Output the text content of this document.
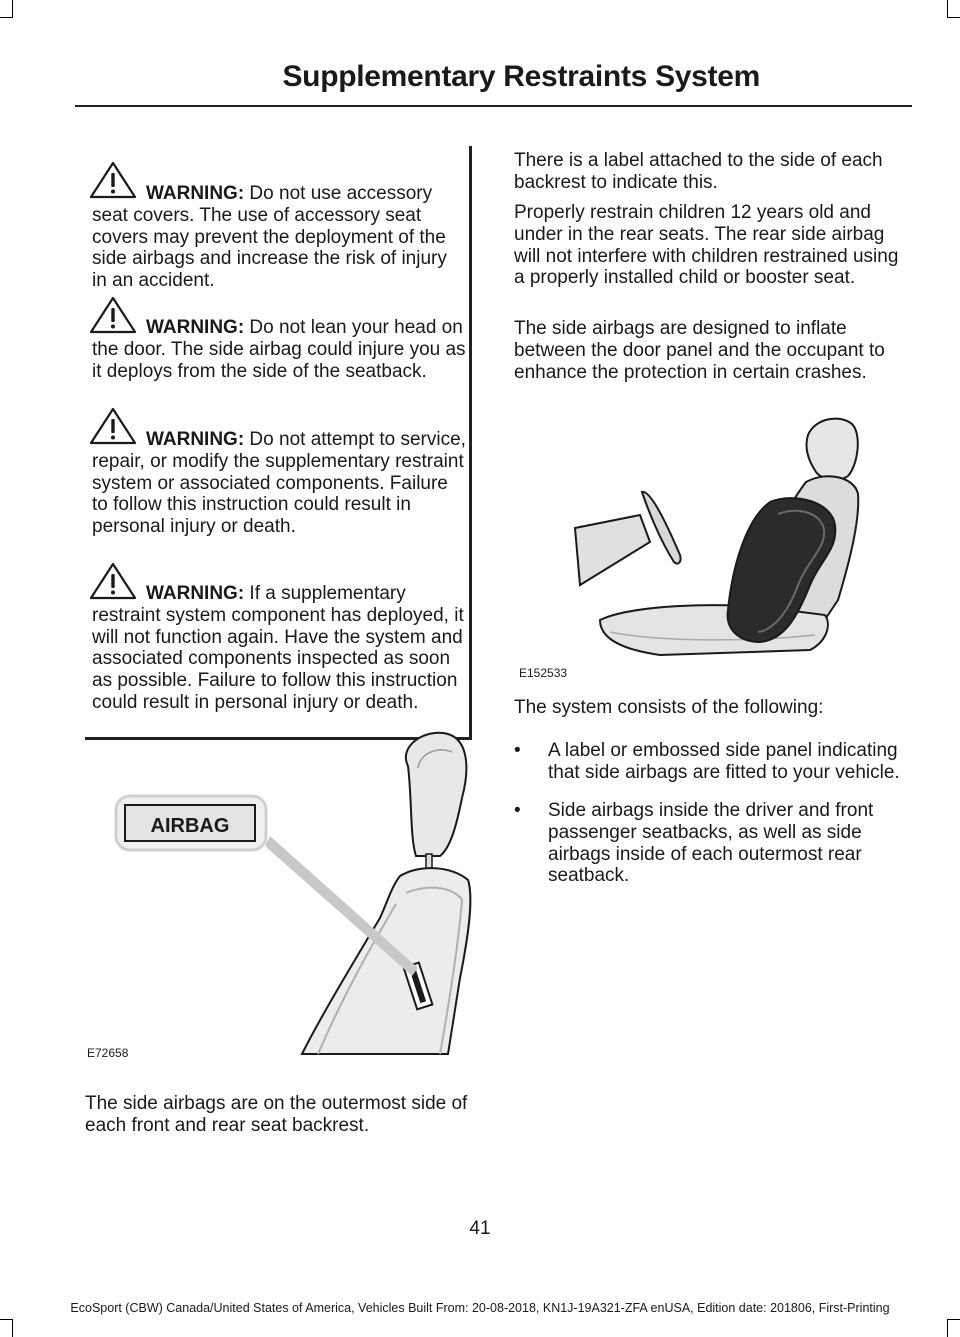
Supplementary Restraints System
WARNING: Do not use accessory seat covers. The use of accessory seat covers may prevent the deployment of the side airbags and increase the risk of injury in an accident.
WARNING: Do not lean your head on the door. The side airbag could injure you as it deploys from the side of the seatback.
WARNING: Do not attempt to service, repair, or modify the supplementary restraint system or associated components. Failure to follow this instruction could result in personal injury or death.
WARNING: If a supplementary restraint system component has deployed, it will not function again. Have the system and associated components inspected as soon as possible. Failure to follow this instruction could result in personal injury or death.
AIRBAG
E72658
The side airbags are on the outermost side of each front and rear seat backrest.
There is a label attached to the side of each backrest to indicate this.
Properly restrain children 12 years old and under in the rear seats. The rear side airbag will not interfere with children restrained using a properly installed child or booster seat.
The side airbags are designed to inflate between the door panel and the occupant to enhance the protection in certain crashes.
E152533
The system consists of the following:
• A label or embossed side panel indicating that side airbags are fitted to your vehicle.
• Side airbags inside the driver and front passenger seatbacks, as well as side airbags inside of each outermost rear seatback.
41
EcoSport (CBW) Canada/United States of America, Vehicles Built From: 20-08-2018, KN1J-19A321-ZFA enUSA, Edition date: 201806, First-Printing
